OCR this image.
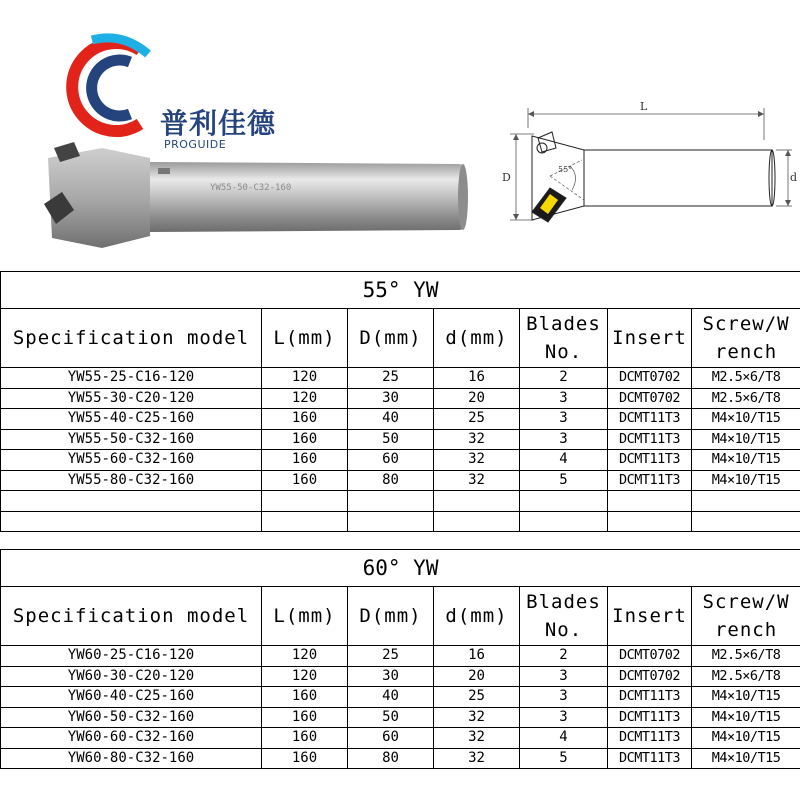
普利佳德
PROGUIDE
YW55-50-C32-160
L
D
55°
d
55° YW						
Specification model	L(mm)	D(mm)	d(mm)	Blades No.	Insert	Screw/W rench
YW55-25-C16-120	120	25	16	2	DCMT0702	M2.5×6/T8
YW55-30-C20-120	120	30	20	3	DCMT0702	M2.5×6/T8
YW55-40-C25-160	160	40	25	3	DCMT11T3	M4×10/T15
YW55-50-C32-160	160	50	32	3	DCMT11T3	M4×10/T15
YW55-60-C32-160	160	60	32	4	DCMT11T3	M4×10/T15
YW55-80-C32-160	160	80	32	5	DCMT11T3	M4×10/T15

60° YW						
Specification model	L(mm)	D(mm)	d(mm)	Blades No.	Insert	Screw/W rench
YW60-25-C16-120	120	25	16	2	DCMT0702	M2.5×6/T8
YW60-30-C20-120	120	30	20	3	DCMT0702	M2.5×6/T8
YW60-40-C25-160	160	40	25	3	DCMT11T3	M4×10/T15
YW60-50-C32-160	160	50	32	3	DCMT11T3	M4×10/T15
YW60-60-C32-160	160	60	32	4	DCMT11T3	M4×10/T15
YW60-80-C32-160	160	80	32	5	DCMT11T3	M4×10/T15
